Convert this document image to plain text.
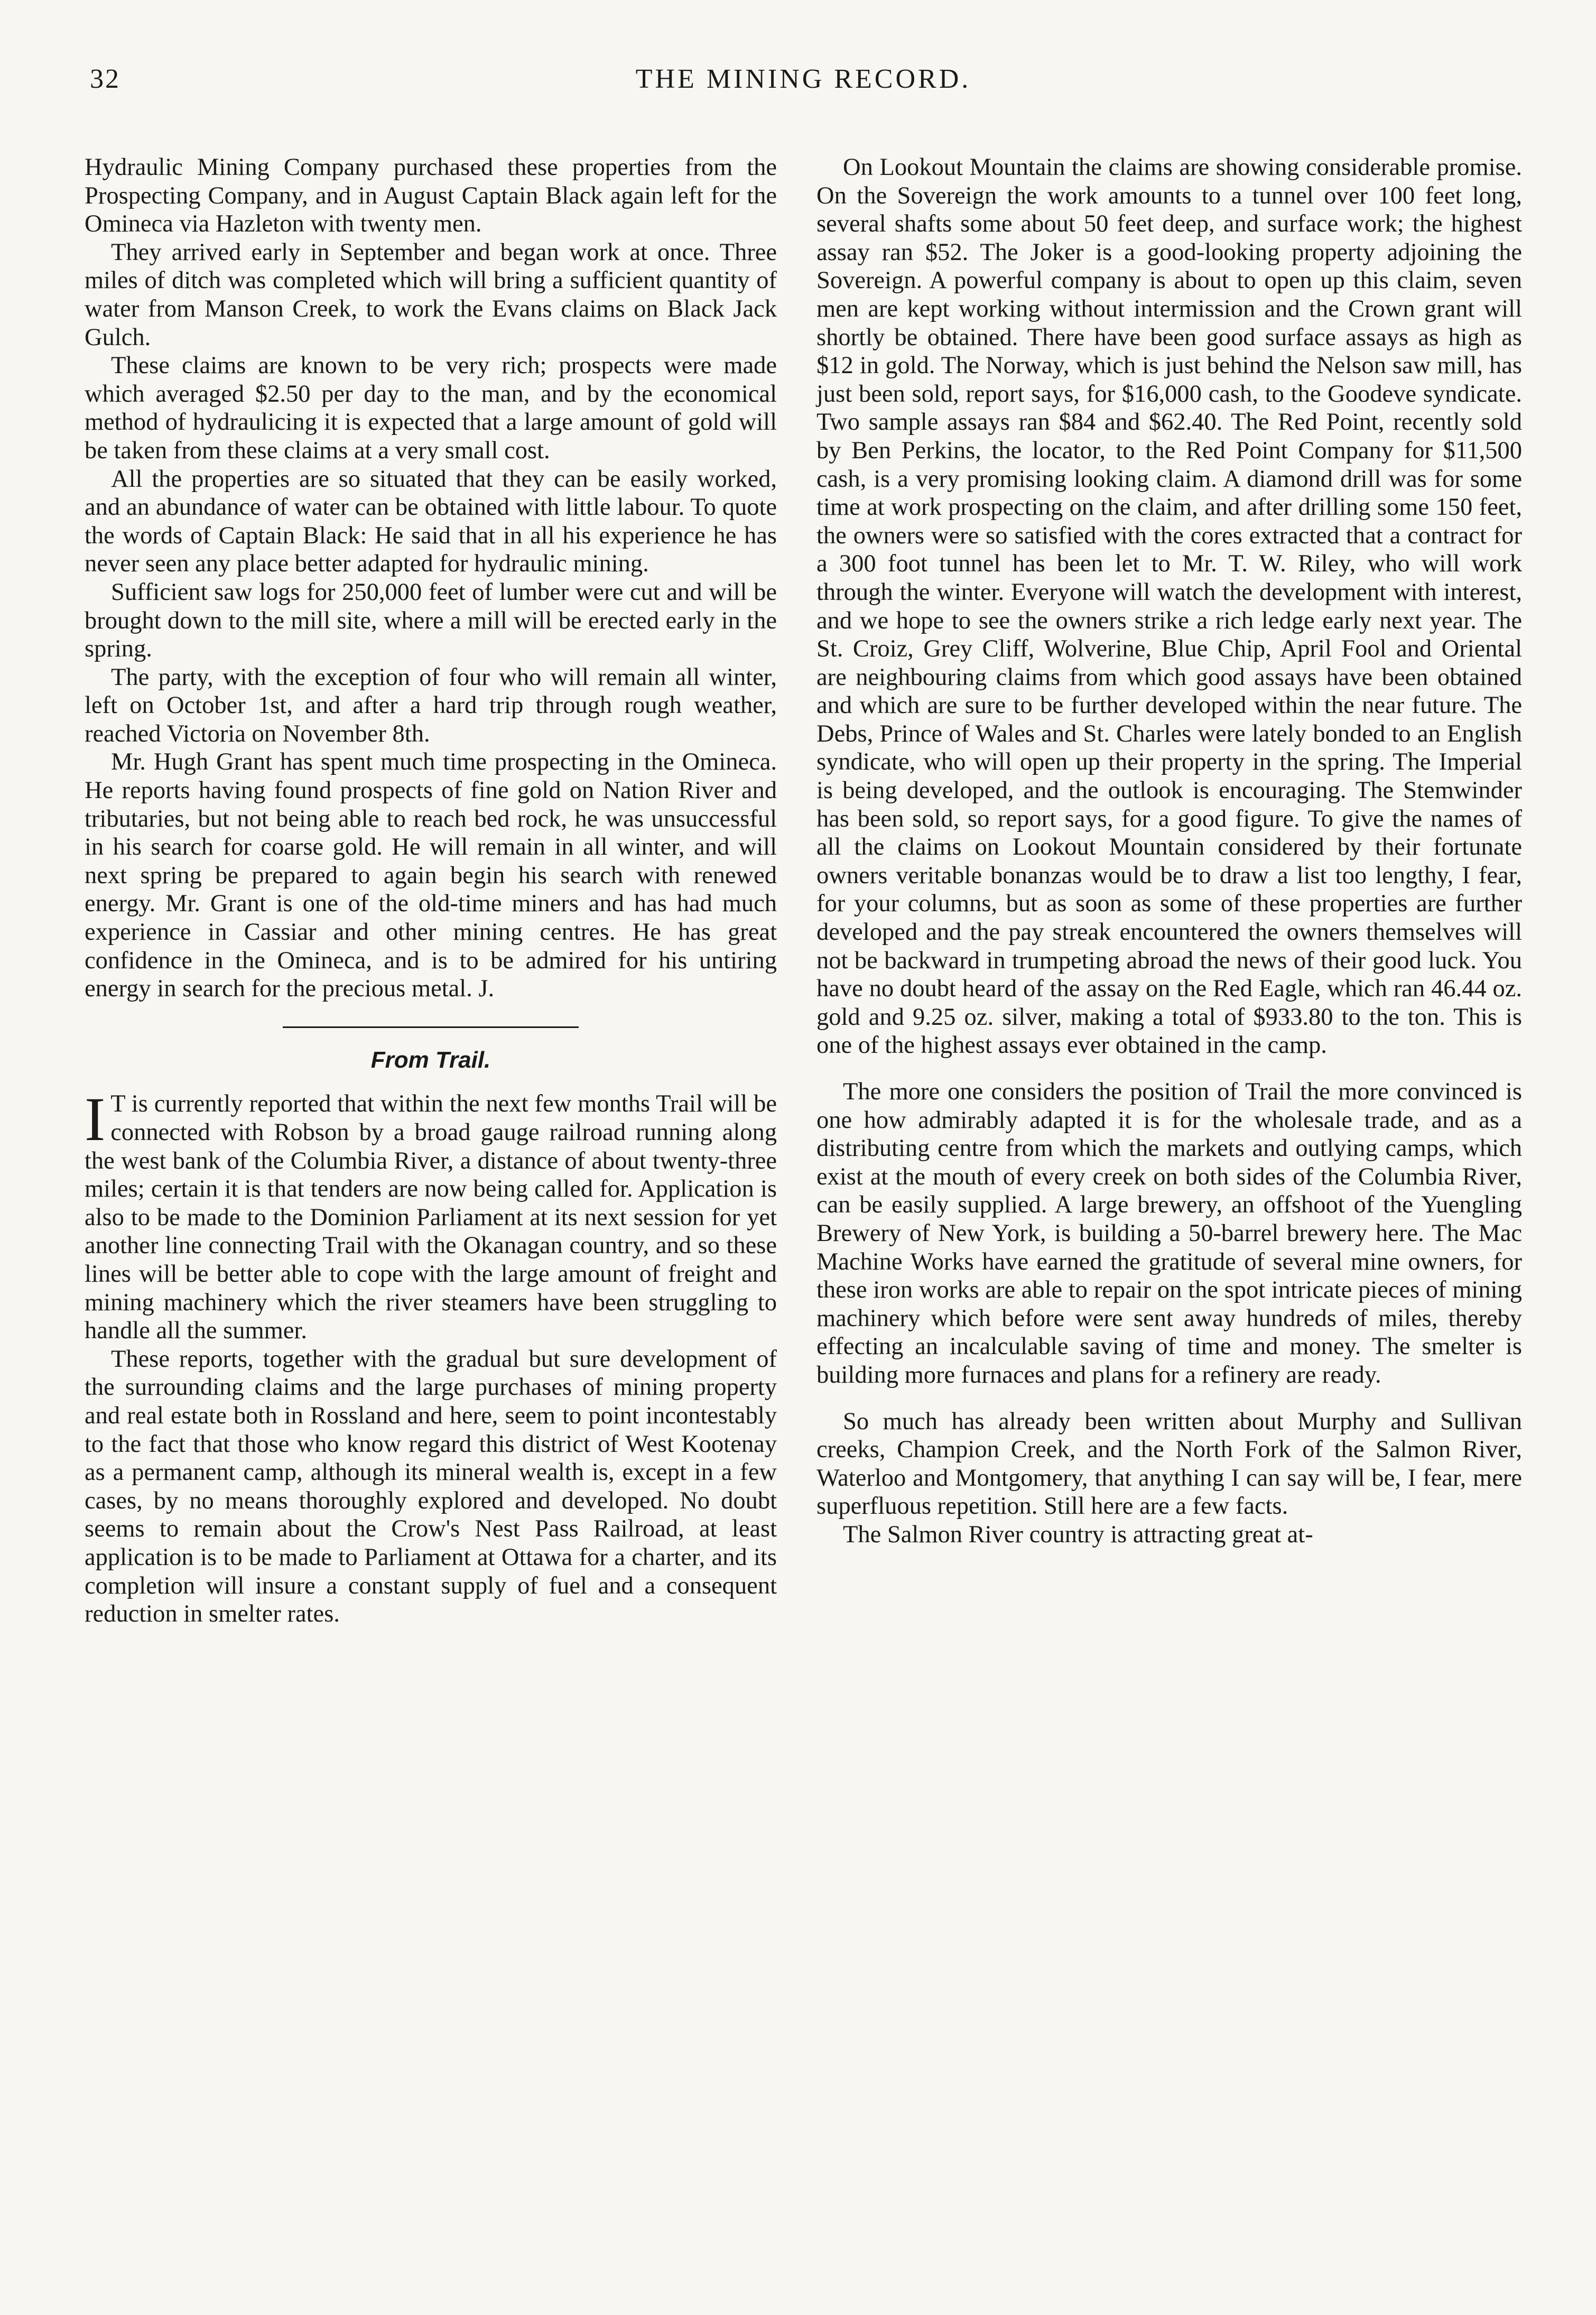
32	THE MINING RECORD.

Hydraulic Mining Company purchased these properties from the Prospecting Company, and in August Captain Black again left for the Omineca via Hazleton with twenty men.

They arrived early in September and began work at once. Three miles of ditch was completed which will bring a sufficient quantity of water from Manson Creek, to work the Evans claims on Black Jack Gulch.

These claims are known to be very rich; prospects were made which averaged $2.50 per day to the man, and by the economical method of hydraulicing it is expected that a large amount of gold will be taken from these claims at a very small cost.

All the properties are so situated that they can be easily worked, and an abundance of water can be obtained with little labour. To quote the words of Captain Black: He said that in all his experience he has never seen any place better adapted for hydraulic mining.

Sufficient saw logs for 250,000 feet of lumber were cut and will be brought down to the mill site, where a mill will be erected early in the spring.

The party, with the exception of four who will remain all winter, left on October 1st, and after a hard trip through rough weather, reached Victoria on November 8th.

Mr. Hugh Grant has spent much time prospecting in the Omineca. He reports having found prospects of fine gold on Nation River and tributaries, but not being able to reach bed rock, he was unsuccessful in his search for coarse gold. He will remain in all winter, and will next spring be prepared to again begin his search with renewed energy. Mr. Grant is one of the old-time miners and has had much experience in Cassiar and other mining centres. He has great confidence in the Omineca, and is to be admired for his untiring energy in search for the precious metal. J.

From Trail.

I T is currently reported that within the next few months Trail will be connected with Robson by a broad gauge railroad running along the west bank of the Columbia River, a distance of about twenty-three miles; certain it is that tenders are now being called for. Application is also to be made to the Dominion Parliament at its next session for yet another line connecting Trail with the Okanagan country, and so these lines will be better able to cope with the large amount of freight and mining machinery which the river steamers have been struggling to handle all the summer.

These reports, together with the gradual but sure development of the surrounding claims and the large purchases of mining property and real estate both in Rossland and here, seem to point incontestably to the fact that those who know regard this district of West Kootenay as a permanent camp, although its mineral wealth is, except in a few cases, by no means thoroughly explored and developed. No doubt seems to remain about the Crow's Nest Pass Railroad, at least application is to be made to Parliament at Ottawa for a charter, and its completion will insure a constant supply of fuel and a consequent reduction in smelter rates.

On Lookout Mountain the claims are showing considerable promise. On the Sovereign the work amounts to a tunnel over 100 feet long, several shafts some about 50 feet deep, and surface work; the highest assay ran $52. The Joker is a good-looking property adjoining the Sovereign. A powerful company is about to open up this claim, seven men are kept working without intermission and the Crown grant will shortly be obtained. There have been good surface assays as high as $12 in gold. The Norway, which is just behind the Nelson saw mill, has just been sold, report says, for $16,000 cash, to the Goodeve syndicate. Two sample assays ran $84 and $62.40. The Red Point, recently sold by Ben Perkins, the locator, to the Red Point Company for $11,500 cash, is a very promising looking claim. A diamond drill was for some time at work prospecting on the claim, and after drilling some 150 feet, the owners were so satisfied with the cores extracted that a contract for a 300 foot tunnel has been let to Mr. T. W. Riley, who will work through the winter. Everyone will watch the development with interest, and we hope to see the owners strike a rich ledge early next year. The St. Croiz, Grey Cliff, Wolverine, Blue Chip, April Fool and Oriental are neighbouring claims from which good assays have been obtained and which are sure to be further developed within the near future. The Debs, Prince of Wales and St. Charles were lately bonded to an English syndicate, who will open up their property in the spring. The Imperial is being developed, and the outlook is encouraging. The Stemwinder has been sold, so report says, for a good figure. To give the names of all the claims on Lookout Mountain considered by their fortunate owners veritable bonanzas would be to draw a list too lengthy, I fear, for your columns, but as soon as some of these properties are further developed and the pay streak encountered the owners themselves will not be backward in trumpeting abroad the news of their good luck. You have no doubt heard of the assay on the Red Eagle, which ran 46.44 oz. gold and 9.25 oz. silver, making a total of $933.80 to the ton. This is one of the highest assays ever obtained in the camp.

The more one considers the position of Trail the more convinced is one how admirably adapted it is for the wholesale trade, and as a distributing centre from which the markets and outlying camps, which exist at the mouth of every creek on both sides of the Columbia River, can be easily supplied. A large brewery, an offshoot of the Yuengling Brewery of New York, is building a 50-barrel brewery here. The Mac Machine Works have earned the gratitude of several mine owners, for these iron works are able to repair on the spot intricate pieces of mining machinery which before were sent away hundreds of miles, thereby effecting an incalculable saving of time and money. The smelter is building more furnaces and plans for a refinery are ready.

So much has already been written about Murphy and Sullivan creeks, Champion Creek, and the North Fork of the Salmon River, Waterloo and Montgomery, that anything I can say will be, I fear, mere superfluous repetition. Still here are a few facts.

The Salmon River country is attracting great at-
